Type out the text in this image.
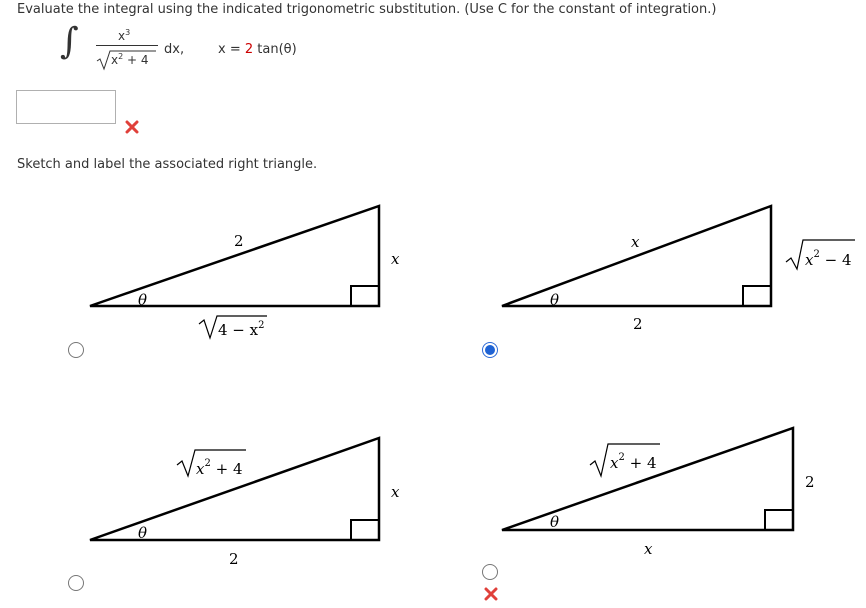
Evaluate the integral using the indicated trigonometric substitution. (Use C for the constant of integration.)
∫	$x^3$
$x^2 + 4$
dx,	x = 2 tan(θ)
Sketch and label the associated right triangle.
2
x
θ
$4 - x^2$
x
$x^2 - 4$
θ
2
$x^2 + 4$
x
θ
2
$x^2 + 4$
2
θ
x
